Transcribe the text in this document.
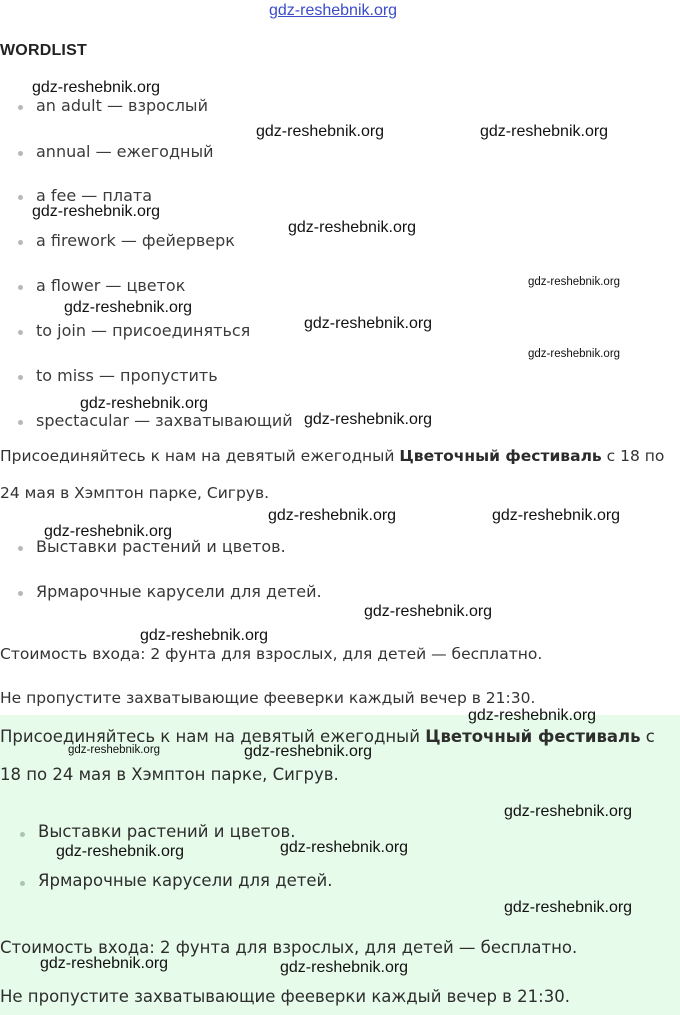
gdz-reshebnik.org
WORDLIST
an adult — взрослый
annual — ежегодный
a fee — плата
a firework — фейерверк
a flower — цветок
to join — присоединяться
to miss — пропустить
spectacular — захватывающий
Присоединяйтесь к нам на девятый ежегодный Цветочный фестиваль с 18 по 24 мая в Хэмптон парке, Сигрув.
Выставки растений и цветов.
Ярмарочные карусели для детей.
Стоимость входа: 2 фунта для взрослых, для детей — бесплатно.
Не пропустите захватывающие фееверки каждый вечер в 21:30.
Присоединяйтесь к нам на девятый ежегодный Цветочный фестиваль с 18 по 24 мая в Хэмптон парке, Сигрув.
Выставки растений и цветов.
Ярмарочные карусели для детей.
Стоимость входа: 2 фунта для взрослых, для детей — бесплатно.
Не пропустите захватывающие фееверки каждый вечер в 21:30.
gdz-reshebnik.org
gdz-reshebnik.org	gdz-reshebnik.org
gdz-reshebnik.org
gdz-reshebnik.org
gdz-reshebnik.org
gdz-reshebnik.org
gdz-reshebnik.org
gdz-reshebnik.org
gdz-reshebnik.org
gdz-reshebnik.org
gdz-reshebnik.org	gdz-reshebnik.org
gdz-reshebnik.org
gdz-reshebnik.org
gdz-reshebnik.org
gdz-reshebnik.org
gdz-reshebnik.org	gdz-reshebnik.org
gdz-reshebnik.org
gdz-reshebnik.org	gdz-reshebnik.org
gdz-reshebnik.org
gdz-reshebnik.org	gdz-reshebnik.org
